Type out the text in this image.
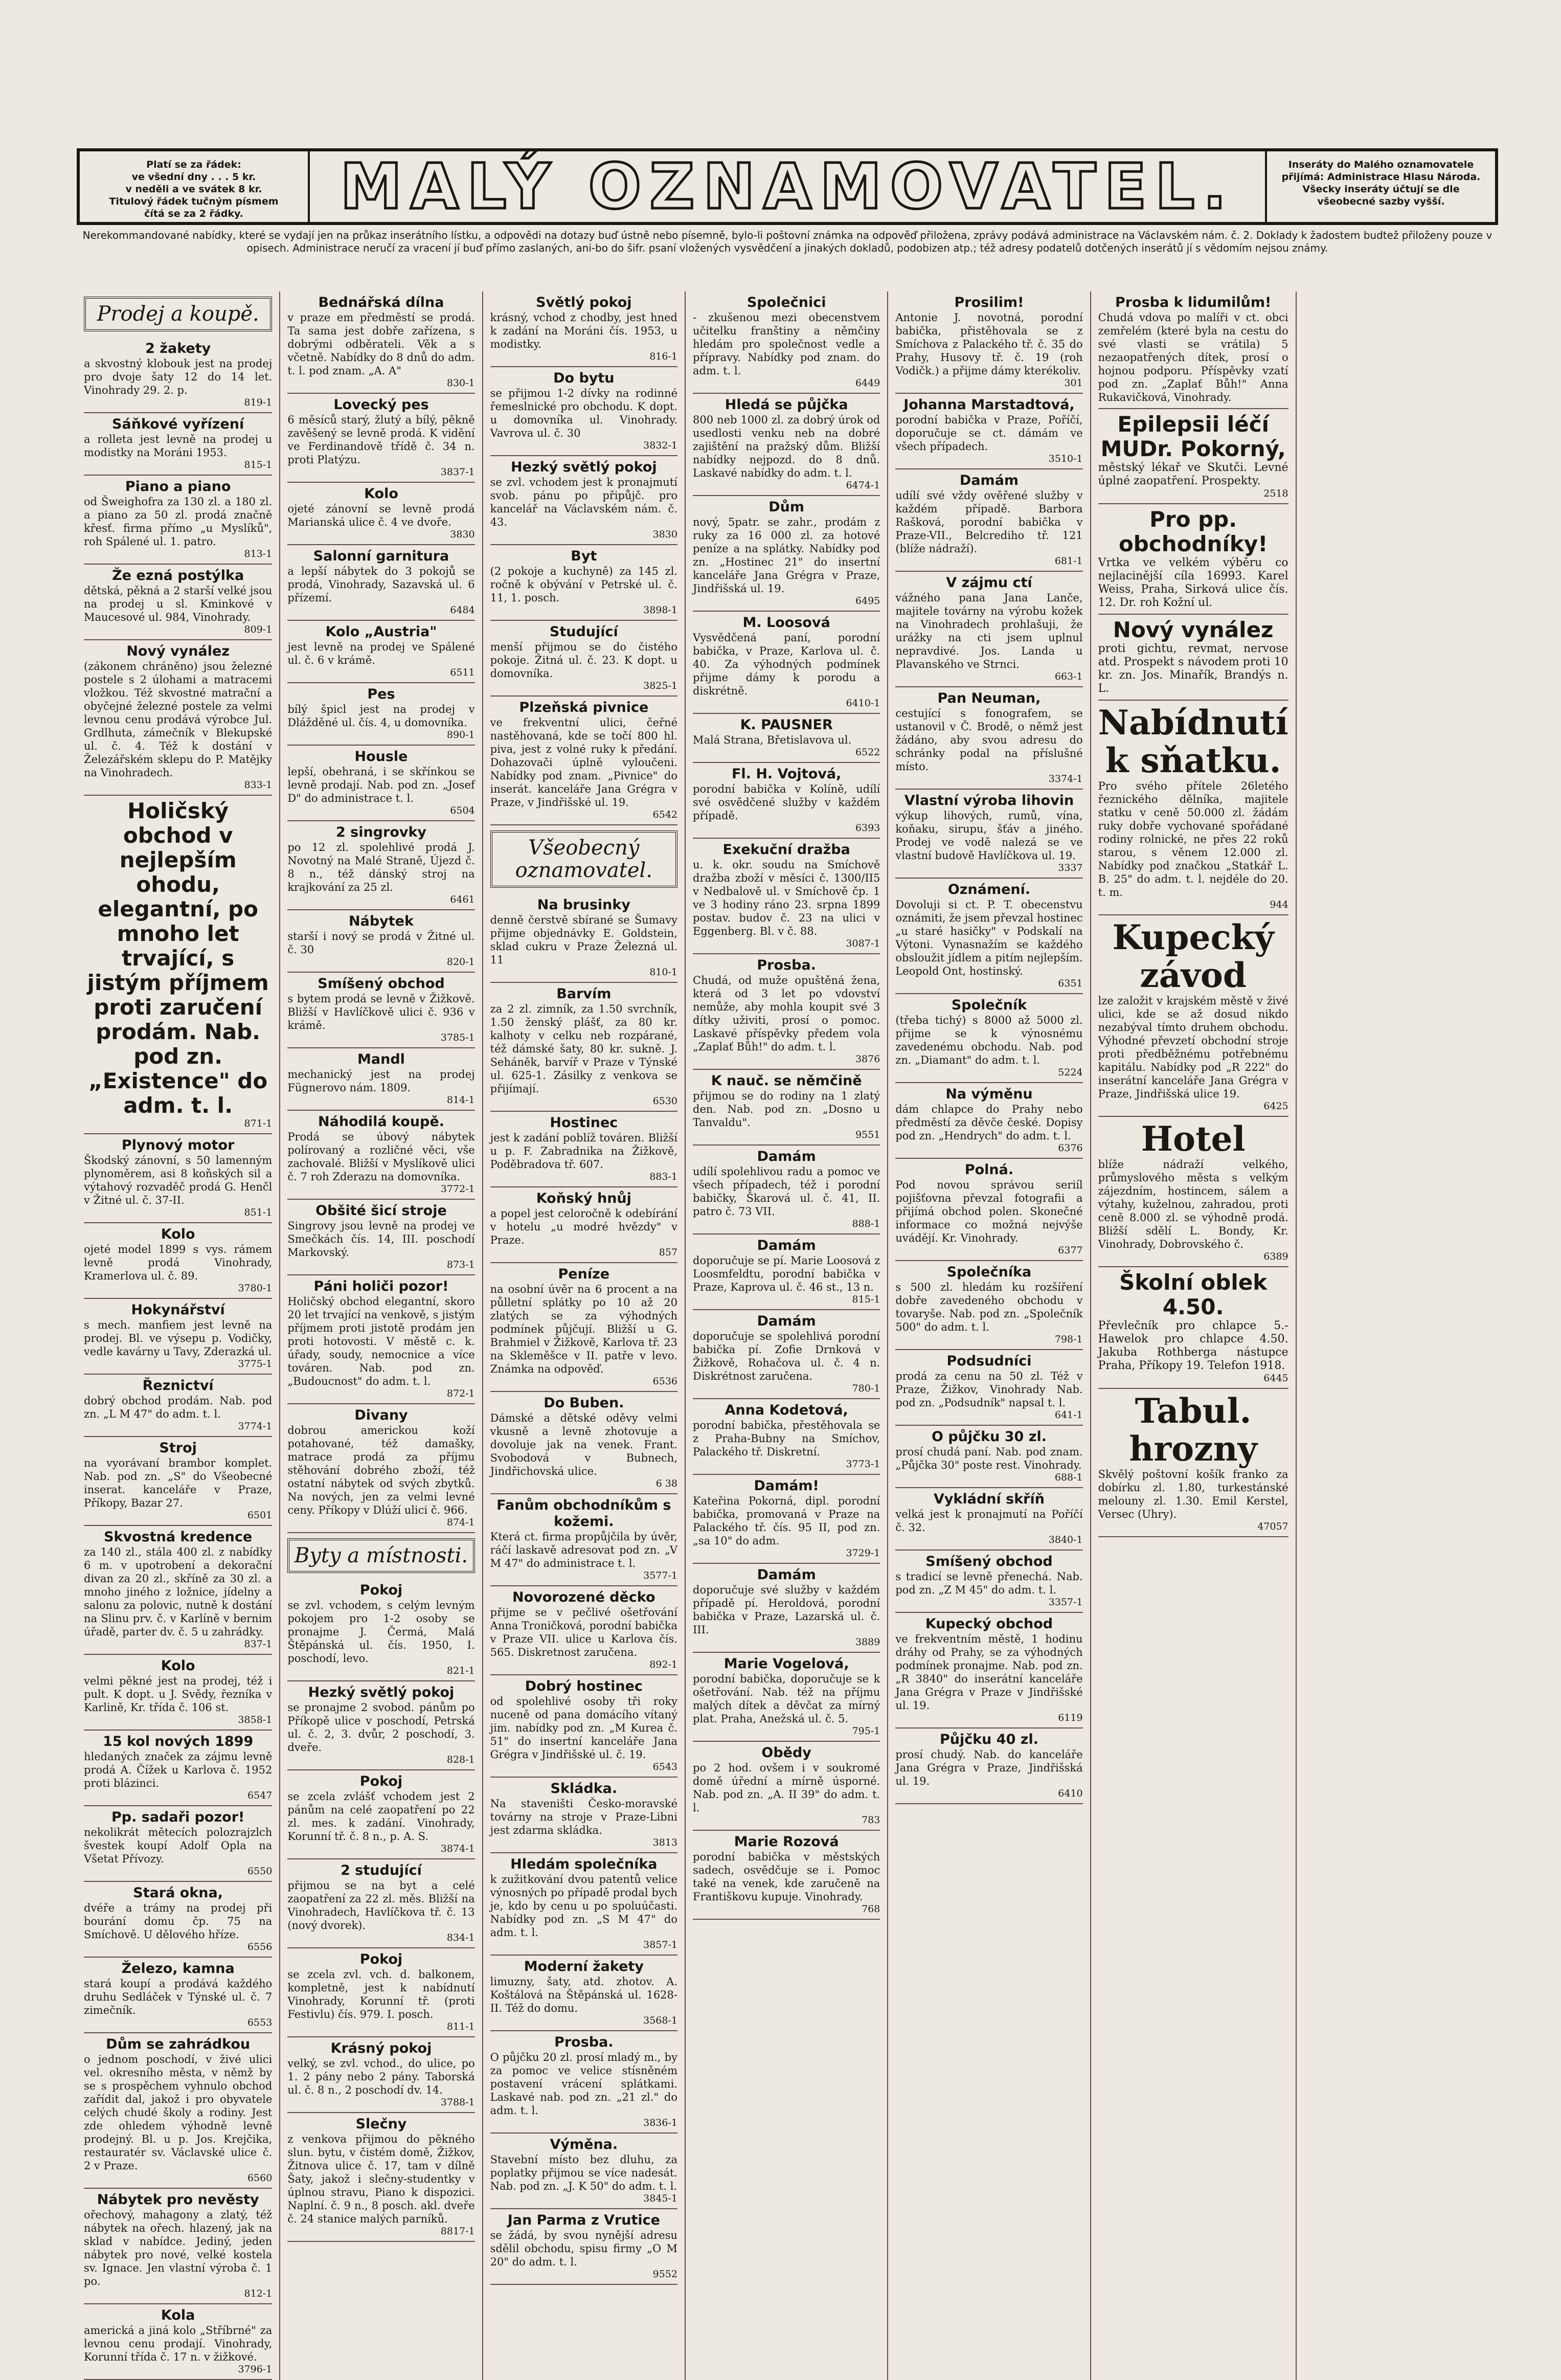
Platí se za řádek:
ve všední dny . . . 5 kr.
v neděli a ve svátek 8 kr.
Titulový řádek tučným písmem
čítá se za 2 řádky.	MALÝ OZNAMOVATEL.	Inseráty do Malého oznamovatele
přijímá: Administrace Hlasu Národa.
Všecky inseráty účtují se dle všeobecné sazby vyšší.
Nerekommandované nabídky, které se vydají jen na průkaz inserátního lístku, a odpovědi na dotazy buď ústně nebo písemně, bylo-li poštovní známka na odpověď přiložena, zprávy podává administrace na Václavském nám. č. 2. Doklady k žadostem budtež přiloženy pouze v opisech. Administrace neručí za vracení jí buď přímo zaslaných, ani-bo do šifr. psaní vložených vysvědčení a jinakých dokladů, podobizen atp.; též adresy podatelů dotčených inserátů jí s vědomím nejsou známy.
Prodej a koupě.
2 žakety
a skvostný klobouk jest na prodej pro dvoje šaty 12 do 14 let. Vinohrady 29. 2. p.
819-1
Sáňkové vyřízení
a rolleta jest levně na prodej u modistky na Moráni 1953.
815-1
Piano a piano
od Šweighofra za 130 zl. a 180 zl. a piano za 50 zl. prodá značně křesť. firma přímo „u Myslíků", roh Spálené ul. 1. patro.
813-1
Že ezná postýlka
dětská, pěkná a 2 starší velké jsou na prodej u sl. Kminkové v Maucesové ul. 984, Vinohrady.
809-1
Nový vynález
(zákonem chráněno) jsou železné postele s 2 úlohami a matracemi vložkou. Též skvostné matrační a obyčejné železné postele za velmi levnou cenu prodává výrobce Jul. Grdlhuta, zámečník v Blekupské ul. č. 4. Též k dostání v Železářském sklepu do P. Matějky na Vinohradech.
833-1
Holičský obchod v nejlepším ohodu, elegantní, po mnoho let trvající, s jistým příjmem proti zaručení prodám. Nab. pod zn. „Existence" do adm. t. l.
871-1
Plynový motor
Škodský zánovní, s 50 lamenným plynoměrem, asi 8 koňských sil a výtahový rozvaděč prodá G. Henčl v Žitné ul. č. 37-II.
851-1
Kolo
ojeté model 1899 s vys. rámem levně prodá Vinohrady, Kramerlova ul. č. 89.
3780-1
Hokynářství
s mech. manfiem jest levně na prodej. Bl. ve výsepu p. Vodičky, vedle kavárny u Tavy, Zderazká ul.
3775-1
Řeznictví
dobrý obchod prodám. Nab. pod zn. „L M 47" do adm. t. l.
3774-1
Stroj
na vyorávaní brambor komplet. Nab. pod zn. „S" do Všeobecné inserat. kanceláře v Praze, Příkopy, Bazar 27.
6501
Skvostná kredence
za 140 zl., stála 400 zl. z nabídky 6 m. v upotrobení a dekorační divan za 20 zl., skříně za 30 zl. a mnoho jiného z ložnice, jídelny a salonu za polovic, nutně k dostání na Slinu prv. č. v Karlíně v bernim úřadě, parter dv. č. 5 u zahrádky.
837-1
Kolo
velmi pěkné jest na prodej, též i pult. K dopt. u J. Svědy, řezníka v Karlině, Kr. třída č. 106 st.
3858-1
15 kol nových 1899
hledaných značek za zájmu levně prodá A. Čížek u Karlova č. 1952 proti blázinci.
6547
Pp. sadaři pozor!
nekolikrát mětecích polozrajzlch švestek koupí Adolf Opla na Všetat Přívozy.
6550
Stará okna,
dvéře a trámy na prodej při bourání domu čp. 75 na Smíchově. U dělového hříze.
6556
Železo, kamna
stará koupí a prodává každého druhu Sedláček v Týnské ul. č. 7 zimečník.
6553
Dům se zahrádkou
o jednom poschodí, v živé ulici vel. okresního města, v němž by se s prospěchem vyhnulo obchod zařídit dal, jakož i pro obyvatele celých chudé školy a rodiny. Jest zde ohledem výhodně levně prodejný. Bl. u p. Jos. Krejčika, restauratér sv. Václavské ulice č. 2 v Praze.
6560
Nábytek pro nevěsty
ořechový, mahagony a zlatý, též nábytek na ořech. hlazený, jak na sklad v nabídce. Jediný, jeden nábytek pro nové, velké kostela sv. Ignace. Jen vlastní výroba č. 1 po.
812-1
Kola
americká a jiná kolo „Stříbrné" za levnou cenu prodají. Vinohrady, Korunní třída č. 17 n. v žižkové.
3796-1
Bednářská dílna
v praze em předměstí se prodá. Ta sama jest dobře zařízena, s dobrými odběrateli. Věk a s včetně. Nabídky do 8 dnů do adm. t. l. pod znam. „A. A"
830-1
Lovecký pes
6 měsíců starý, žlutý a bílý, pěkně zavěšený se levně prodá. K vidění ve Ferdinandově třídě č. 34 n. proti Platýzu.
3837-1
Kolo
ojeté zánovní se levně prodá Marianská ulice č. 4 ve dvoře.
3830
Salonní garnitura
a lepší nábytek do 3 pokojů se prodá, Vinohrady, Sazavská ul. 6 přízemí.
6484
Kolo „Austria"
jest levně na prodej ve Spálené ul. č. 6 v krámě.
6511
Pes
bílý špicl jest na prodej v Dlážděné ul. čís. 4, u domovníka.
890-1
Housle
lepší, obehraná, i se skřínkou se levně prodají. Nab. pod zn. „Josef D" do administrace t. l.
6504
2 singrovky
po 12 zl. spolehlivé prodá J. Novotný na Malé Straně, Újezd č. 8 n., též dánský stroj na krajkování za 25 zl.
6461
Nábytek
starší i nový se prodá v Žitné ul. č. 30
820-1
Smíšený obchod
s bytem prodá se levně v Žižkově. Bližší v Havlíčkově ulici č. 936 v krámě.
3785-1
Mandl
mechanický jest na prodej Fügnerovo nám. 1809.
814-1
Náhodilá koupě.
Prodá se úbový nábytek polírovaný a rozličné věci, vše zachovalé. Bližší v Myslíkově ulici č. 7 roh Zderazu na domovníka.
3772-1
Obšité šicí stroje
Singrovy jsou levně na prodej ve Smečkách čís. 14, III. poschodí Markovský.
873-1
Páni holiči pozor!
Holičský obchod elegantní, skoro 20 let trvající na venkově, s jistým příjmem proti jistotě prodám jen proti hotovosti. V městě c. k. úřady, soudy, nemocnice a více továren. Nab. pod zn. „Budoucnost" do adm. t. l.
872-1
Divany
dobrou americkou koží potahované, též damašky, matrace prodá za příjmu stěhování dobrého zboží, též ostatní nábytek od svých zbytků. Na nových, jen za velmi levné ceny. Příkopy v Dlúží ulici č. 966.
874-1
Byty a místnosti.
Pokoj
se zvl. vchodem, s celým levným pokojem pro 1-2 osoby se pronajme J. Čermá, Malá Štěpánská ul. čís. 1950, I. poschodí, levo.
821-1
Hezký světlý pokoj
se pronajme 2 svobod. pánům po Příkopě ulice v poschodí, Petrská ul. č. 2, 3. dvůr, 2 poschodí, 3. dveře.
828-1
Pokoj
se zcela zvlášť vchodem jest 2 pánům na celé zaopatření po 22 zl. mes. k zadání. Vinohrady, Korunní tř. č. 8 n., p. A. S.
3874-1
2 studující
přijmou se na byt a celé zaopatření za 22 zl. měs. Bližší na Vinohradech, Havlíčkova tř. č. 13 (nový dvorek).
834-1
Pokoj
se zcela zvl. vch. d. balkonem, kompletně, jest k nabídnutí Vinohrady, Korunní tř. (proti Festivlu) čís. 979. I. posch.
811-1
Krásný pokoj
velký, se zvl. vchod., do ulice, po 1. 2 pány nebo 2 pány. Taborská ul. č. 8 n., 2 poschodí dv. 14.
3788-1
Slečny
z venkova přijmou do pěkného slun. bytu, v čistém domě, Žižkov, Žitnova ulice č. 17, tam v dílně Šaty, jakož i slečny-studentky v úplnou stravu, Piano k dispozici. Naplní. č. 9 n., 8 posch. akl. dveře č. 24 stanice malých parníků.
8817-1
Světlý pokoj
krásný, vchod z chodby, jest hned k zadání na Moráni čís. 1953, u modistky.
816-1
Do bytu
se přijmou 1-2 dívky na rodinné řemeslnické pro obchodu. K dopt. u domovníka ul. Vinohrady. Vavrova ul. č. 30
3832-1
Hezký světlý pokoj
se zvl. vchodem jest k pronajmutí svob. pánu po připůjč. pro kancelář na Václavském nám. č. 43.
3830
Byt
(2 pokoje a kuchyně) za 145 zl. ročně k obývání v Petrské ul. č. 11, 1. posch.
3898-1
Studující
menší přijmou se do čistého pokoje. Žitná ul. č. 23. K dopt. u domovníka.
3825-1
Plzeňská pivnice
ve frekventní ulici, čeřné nastěhovaná, kde se točí 800 hl. piva, jest z volné ruky k předání. Dohazovači úplně vyloučeni. Nabídky pod znam. „Pivnice" do inserát. kanceláře Jana Grégra v Praze, v Jindřišské ul. 19.
6542
Všeobecný oznamovatel.
Na brusinky
denně čerstvě sbírané se Šumavy přijme objednávky E. Goldstein, sklad cukru v Praze Železná ul. 11
810-1
Barvím
za 2 zl. zimník, za 1.50 svrchník, 1.50 ženský plášť, za 80 kr. kalhoty v celku neb rozpárané, též dámské šaty, 80 kr. sukně. J. Seháněk, barvíř v Praze v Týnské ul. 625-1. Zásilky z venkova se přijímají.
6530
Hostinec
jest k zadání poblíž továren. Bližší u p. F. Zabradnika na Žižkově, Poděbradova tř. 607.
883-1
Koňský hnůj
a popel jest celoročně k odebírání v hotelu „u modré hvězdy" v Praze.
857
Peníze
na osobní úvěr na 6 procent a na půlletní splátky po 10 až 20 zlatých se za výhodných podmínek půjčují. Bližší u G. Brahmiel v Žižkově, Karlova tř. 23 na Skleměšce v II. patře v levo. Známka na odpověď.
6536
Do Buben.
Dámské a dětské oděvy velmi vkusně a levně zhotovuje a dovoluje jak na venek. Frant. Svobodová v Bubnech, Jindřichovská ulice.
6 38
Fanům obchodníkům s kožemi.
Která ct. firma propůjčila by úvěr, ráčí laskavě adresovat pod zn. „V M 47" do administrace t. l.
3577-1
Novorozené děcko
přijme se v pečlivé ošetřování Anna Troničková, porodní babička v Praze VII. ulice u Karlova čís. 565. Diskretnost zaručena.
892-1
Dobrý hostinec
od spolehlivé osoby tři roky nuceně od pana domácího vítaný jim. nabídky pod zn. „M Kurea č. 51" do insertní kanceláře Jana Grégra v Jindřišské ul. č. 19.
6543
Skládka.
Na staveništi Česko-moravské továrny na stroje v Praze-Libni jest zdarma skládka.
3813
Hledám společníka
k zužitkování dvou patentů velice výnosných po případě prodal bych je, kdo by cenu u po spoluúčasti. Nabídky pod zn. „S M 47" do adm. t. l.
3857-1
Moderní žakety
limuzny, šaty, atd. zhotov. A. Koštálová na Štěpánská ul. 1628-II. Též do domu.
3568-1
Prosba.
O půjčku 20 zl. prosí mladý m., by za pomoc ve velice stísněném postavení vrácení splátkami. Laskavé nab. pod zn. „21 zl." do adm. t. l.
3836-1
Výměna.
Stavební místo bez dluhu, za poplatky přijmou se více nadesát. Nab. pod zn. „J. K 50" do adm. t. l.
3845-1
Jan Parma z Vrutice
se žádá, by svou nynější adresu sdělil obchodu, spisu firmy „O M 20" do adm. t. l.
9552
Společnici
- zkušenou mezi obecenstvem učitelku franštiny a němčiny hledám pro společnost vedle a přípravy. Nabídky pod znam. do adm. t. l.
6449
Hledá se půjčka
800 neb 1000 zl. za dobrý úrok od usedlosti venku neb na dobré zajištění na pražský dům. Bližší nabídky nejpozd. do 8 dnů. Laskavé nabídky do adm. t. l.
6474-1
Dům
nový, 5patr. se zahr., prodám z ruky za 16 000 zl. za hotové peníze a na splátky. Nabídky pod zn. „Hostinec 21" do insertní kanceláře Jana Grégra v Praze, Jindřišská ul. 19.
6495
M. Loosová
Vysvědčená paní, porodní babička, v Praze, Karlova ul. č. 40. Za výhodných podmínek přijme dámy k porodu a diskrétně.
6410-1
K. PAUSNER
Malá Strana, Břetislavova ul.
6522
Fl. H. Vojtová,
porodní babička v Kolíně, udílí své osvědčené služby v každém případě.
6393
Exekuční dražba
u. k. okr. soudu na Smíchově dražba zboží v měsíci č. 1300/II5 v Nedbalově ul. v Smíchově čp. 1 ve 3 hodiny ráno 23. srpna 1899 postav. budov č. 23 na ulici v Eggenberg. Bl. v č. 88.
3087-1
Prosba.
Chudá, od muže opuštěná žena, která od 3 let po vdovství nemůže, aby mohla koupit své 3 dítky uživiti, prosí o pomoc. Laskavé příspěvky předem vola „Zaplať Bůh!" do adm. t. l.
3876
K nauč. se němčině
přijmou se do rodiny na 1 zlatý den. Nab. pod zn. „Dosno u Tanvaldu".
9551
Damám
udílí spolehlivou radu a pomoc ve všech případech, též i porodní babičky, Škarová ul. č. 41, II. patro č. 73 VII.
888-1
Damám
doporučuje se pí. Marie Loosová z Loosmfeldtu, porodní babička v Praze, Kaprova ul. č. 46 st., 13 n.
815-1
Damám
doporučuje se spolehlivá porodní babička pí. Zofie Drnková v Žižkově, Rohačova ul. č. 4 n. Diskrétnost zaručena.
780-1
Anna Kodetová,
porodní babička, přestěhovala se z Praha-Bubny na Smíchov, Palackého tř. Diskretní.
3773-1
Damám!
Kateřina Pokorná, dipl. porodní babička, promovaná v Praze na Palackého tř. čís. 95 II, pod zn. „sa 10" do adm.
3729-1
Damám
doporučuje své služby v každém případě pí. Heroldová, porodní babička v Praze, Lazarská ul. č. III.
3889
Marie Vogelová,
porodní babička, doporučuje se k ošetřování. Nab. též na příjmu malých dítek a děvčat za mírný plat. Praha, Anežská ul. č. 5.
795-1
Obědy
po 2 hod. ovšem i v soukromé domě úřední a mírně úsporné. Nab. pod zn. „A. II 39" do adm. t. l.
783
Marie Rozová
porodní babička v městských sadech, osvědčuje se i. Pomoc také na venek, kde zaručeně na Františkovu kupuje. Vinohrady.
768
Prosilim!
Antonie J. novotná, porodní babička, přistěhovala se z Smíchova z Palackého tř. č. 35 do Prahy, Husovy tř. č. 19 (roh Vodičk.) a přijme dámy kterékoliv.
301
Johanna Marstadtová,
porodní babička v Praze, Poříčí, doporučuje se ct. dámám ve všech případech.
3510-1
Damám
udílí své vždy ověřené služby v každém případě. Barbora Rašková, porodní babička v Praze-VII., Belcrediho tř. 121 (blíže nádraží).
681-1
V zájmu ctí
vážného pana Jana Lanče, majitele továrny na výrobu kožek na Vinohradech prohlašuji, že urážky na cti jsem uplnul nepravdivé. Jos. Landa u Plavanského ve Strnci.
663-1
Pan Neuman,
cestující s fonografem, se ustanovil v Č. Brodě, o němž jest žádáno, aby svou adresu do schránky podal na příslušné místo.
3374-1
Vlastní výroba lihovin
výkup lihových, rumů, vína, koňaku, sirupu, šťáv a jiného. Prodej ve vodě nalezá se ve vlastní budově Havlíčkova ul. 19.
3337
Oznámení.
Dovoluji si ct. P. T. obecenstvu oznámiti, že jsem převzal hostinec „u staré hasičky" v Podskalí na Výtoni. Vynasnažím se každého obsloužit jídlem a pitím nejlepším. Leopold Ont, hostinský.
6351
Společník
(třeba tichý) s 8000 až 5000 zl. přijme se k výnosnému zavedenému obchodu. Nab. pod zn. „Diamant" do adm. t. l.
5224
Na výměnu
dám chlapce do Prahy nebo předměstí za děvče české. Dopisy pod zn. „Hendrych" do adm. t. l.
6376
Polná.
Pod novou správou seriíl pojišťovna převzal fotografii a přijímá obchod polen. Skonečné informace co možná nejvýše uvádějí. Kr. Vinohrady.
6377
Společníka
s 500 zl. hledám ku rozšíření dobře zavedeného obchodu v tovaryše. Nab. pod zn. „Společník 500" do adm. t. l.
798-1
Podsudníci
prodá za cenu na 50 zl. Též v Praze, Žižkov, Vinohrady Nab. pod zn. „Podsudník" napsal t. l.
641-1
O půjčku 30 zl.
prosí chudá paní. Nab. pod znam. „Půjčka 30" poste rest. Vinohrady.
688-1
Vykládní skříň
velká jest k pronajmutí na Poříčí č. 32.
3840-1
Smíšený obchod
s tradicí se levně přenechá. Nab. pod zn. „Z M 45" do adm. t. l.
3357-1
Kupecký obchod
ve frekventním městě, 1 hodinu dráhy od Prahy, se za výhodných podmínek pronajme. Nab. pod zn. „R 3840" do inserátní kanceláře Jana Grégra v Praze v Jindřišské ul. 19.
6119
Půjčku 40 zl.
prosí chudý. Nab. do kanceláře Jana Grégra v Praze, Jindřišská ul. 19.
6410
Prosba k lidumilům!
Chudá vdova po malíři v ct. obci zemřelém (které byla na cestu do své vlasti se vrátila) 5 nezaopatřených dítek, prosí o hojnou podporu. Příspěvky vzatí pod zn. „Zaplať Bůh!" Anna Rukavičková, Vinohrady.
Epilepsii léčí MUDr. Pokorný,
městský lékař ve Skutči. Levné úplné zaopatření. Prospekty.
2518
Pro pp. obchodníky!
Vrtka ve velkém výběru co nejlacinější cíla 16993. Karel Weiss, Praha, Sirková ulice čís. 12. Dr. roh Kožní ul.
Nový vynález
proti gichtu, revmat, nervose atd. Prospekt s návodem proti 10 kr. zn. Jos. Minařík, Brandýs n. L.
Nabídnutí k sňatku.
Pro svého přítele 26letého řeznického dělníka, majitele statku v ceně 50.000 zl. žádám ruky dobře vychované spořádané rodiny rolnické, ne přes 22 roků starou, s věnem 12.000 zl. Nabídky pod značkou „Statkář L. B. 25" do adm. t. l. nejdéle do 20. t. m.
944
Kupecký závod
lze založit v krajském městě v živé ulici, kde se až dosud nikdo nezabýval tímto druhem obchodu. Výhodné převzetí obchodní stroje proti předběžnému potřebnému kapitálu. Nabídky pod „R 222" do inserátní kanceláře Jana Grégra v Praze, Jindřišská ulice 19.
6425
Hotel
blíže nádraží velkého, průmyslového města s velkým zájezdním, hostincem, sálem a výtahy, kuželnou, zahradou, proti ceně 8.000 zl. se výhodně prodá. Bližší sdělí L. Bondy, Kr. Vinohrady, Dobrovského č.
6389
Školní oblek 4.50.
Převlečník pro chlapce 5.- Hawelok pro chlapce 4.50. Jakuba Rothberga nástupce Praha, Příkopy 19. Telefon 1918.
6445
Tabul. hrozny
Skvělý poštovní košík franko za dobírku zl. 1.80, turkestánské melouny zl. 1.30. Emil Kerstel, Versec (Uhry).
47057
